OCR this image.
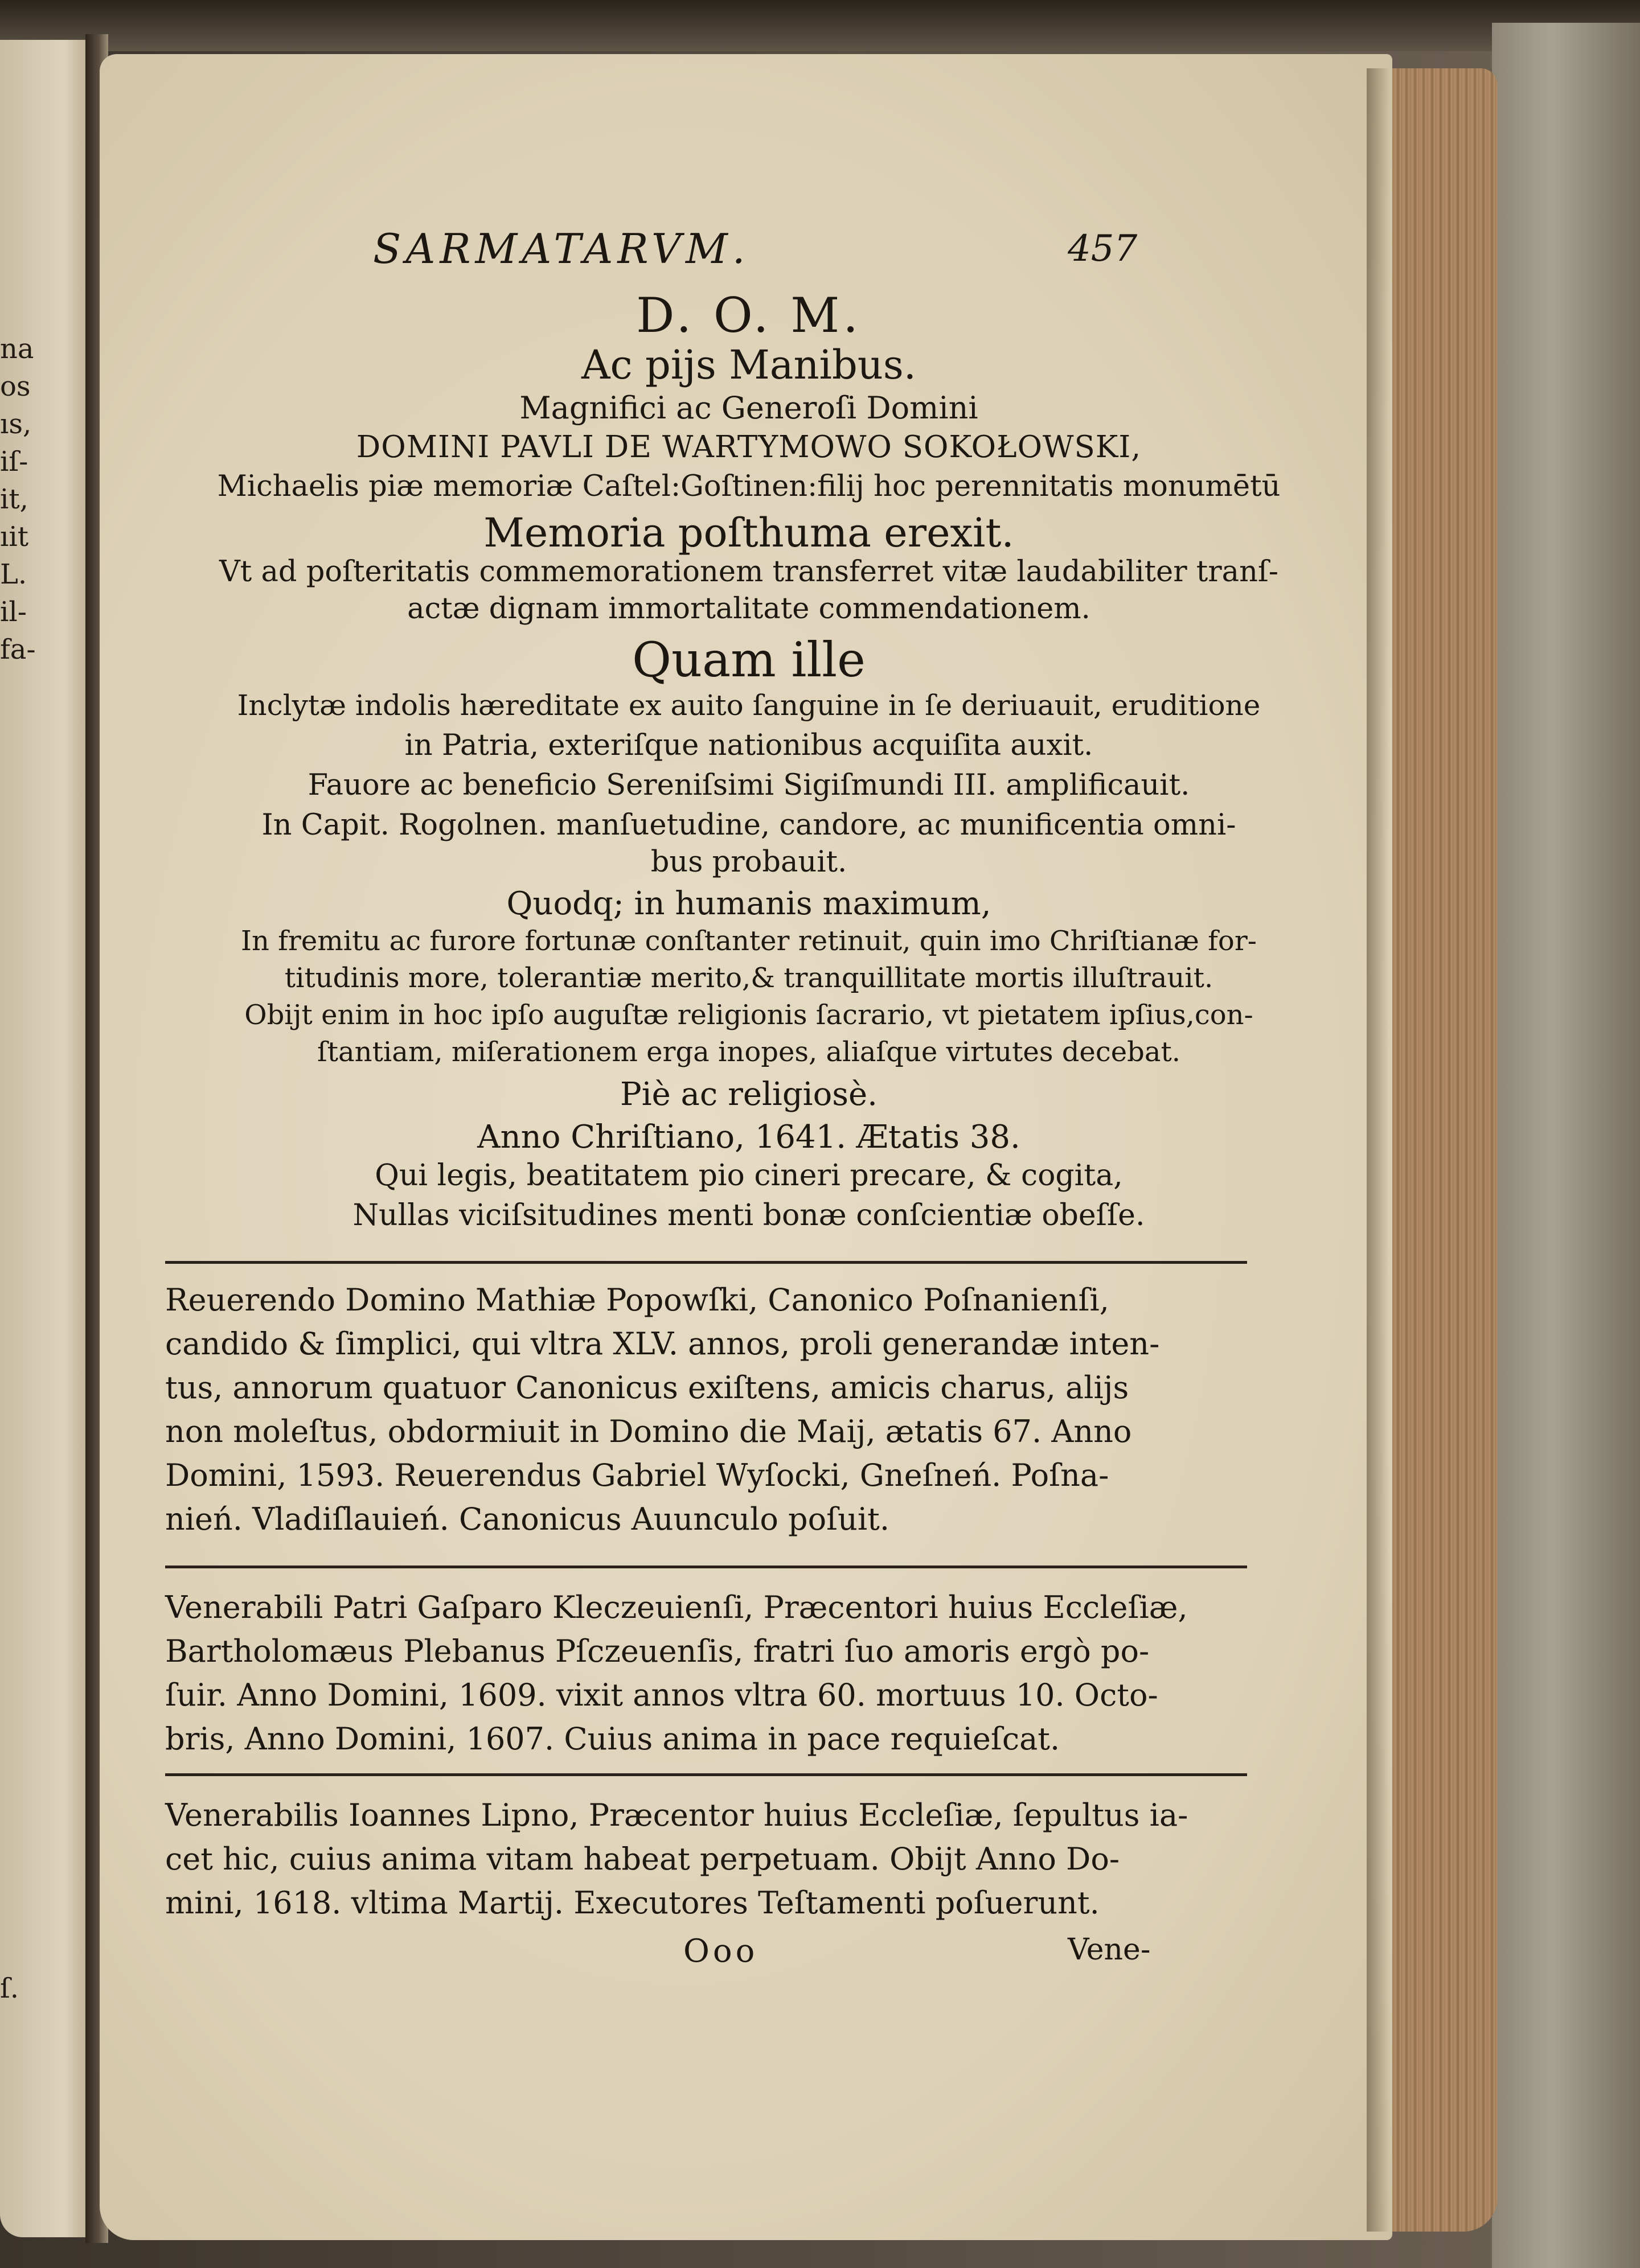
na
os
ıs,
iſ-
it,
ıit
L.
il-
fa-
ſ.
SARMATARVM.	457
D. O. M.
Ac pijs Manibus.
Magnifici ac Generoſi Domini
DOMINI PAVLI DE WARTYMOWO SOKOŁOWSKI,
Michaelis piæ memoriæ Caſtel:Goſtinen:filij hoc perennitatis monumētū
Memoria poſthuma erexit.
Vt ad poſteritatis commemorationem transferret vitæ laudabiliter tranſ-
actæ dignam immortalitate commendationem.
Quam ille
Inclytæ indolis hæreditate ex auito ſanguine in ſe deriuauit, eruditione
in Patria, exteriſque nationibus acquiſita auxit.
Fauore ac beneficio Sereniſsimi Sigiſmundi III. amplificauit.
In Capit. Rogolnen. manſuetudine, candore, ac munificentia omni-
bus probauit.
Quodq; in humanis maximum,
In fremitu ac furore fortunæ conſtanter retinuit, quin imo Chriſtianæ for-
titudinis more, tolerantiæ merito,& tranquillitate mortis illuſtrauit.
Obijt enim in hoc ipſo auguſtæ religionis ſacrario, vt pietatem ipſius,con-
ſtantiam, miſerationem erga inopes, aliaſque virtutes decebat.
Piè ac religiosè.
Anno Chriſtiano, 1641. Ætatis 38.
Qui legis, beatitatem pio cineri precare, & cogita,
Nullas viciſsitudines menti bonæ conſcientiæ obeſſe.
Reuerendo Domino Mathiæ Popowſki, Canonico Poſnanienſi,
candido & ſimplici, qui vltra XLV. annos, proli generandæ inten-
tus, annorum quatuor Canonicus exiſtens, amicis charus, alijs
non moleſtus, obdormiuit in Domino die Maij, ætatis 67. Anno
Domini, 1593. Reuerendus Gabriel Wyſocki, Gneſneń. Poſna-
nień. Vladiſlauień. Canonicus Auunculo poſuit.
Venerabili Patri Gaſparo Kleczeuienſi, Præcentori huius Eccleſiæ,
Bartholomæus Plebanus Pſczeuenſis, fratri ſuo amoris ergò po-
ſuir. Anno Domini, 1609. vixit annos vltra 60. mortuus 10. Octo-
bris, Anno Domini, 1607. Cuius anima in pace requieſcat.
Venerabilis Ioannes Lipno, Præcentor huius Eccleſiæ, ſepultus ia-
cet hic, cuius anima vitam habeat perpetuam. Obijt Anno Do-
mini, 1618. vltima Martij. Executores Teſtamenti poſuerunt.
Ooo	Vene-
